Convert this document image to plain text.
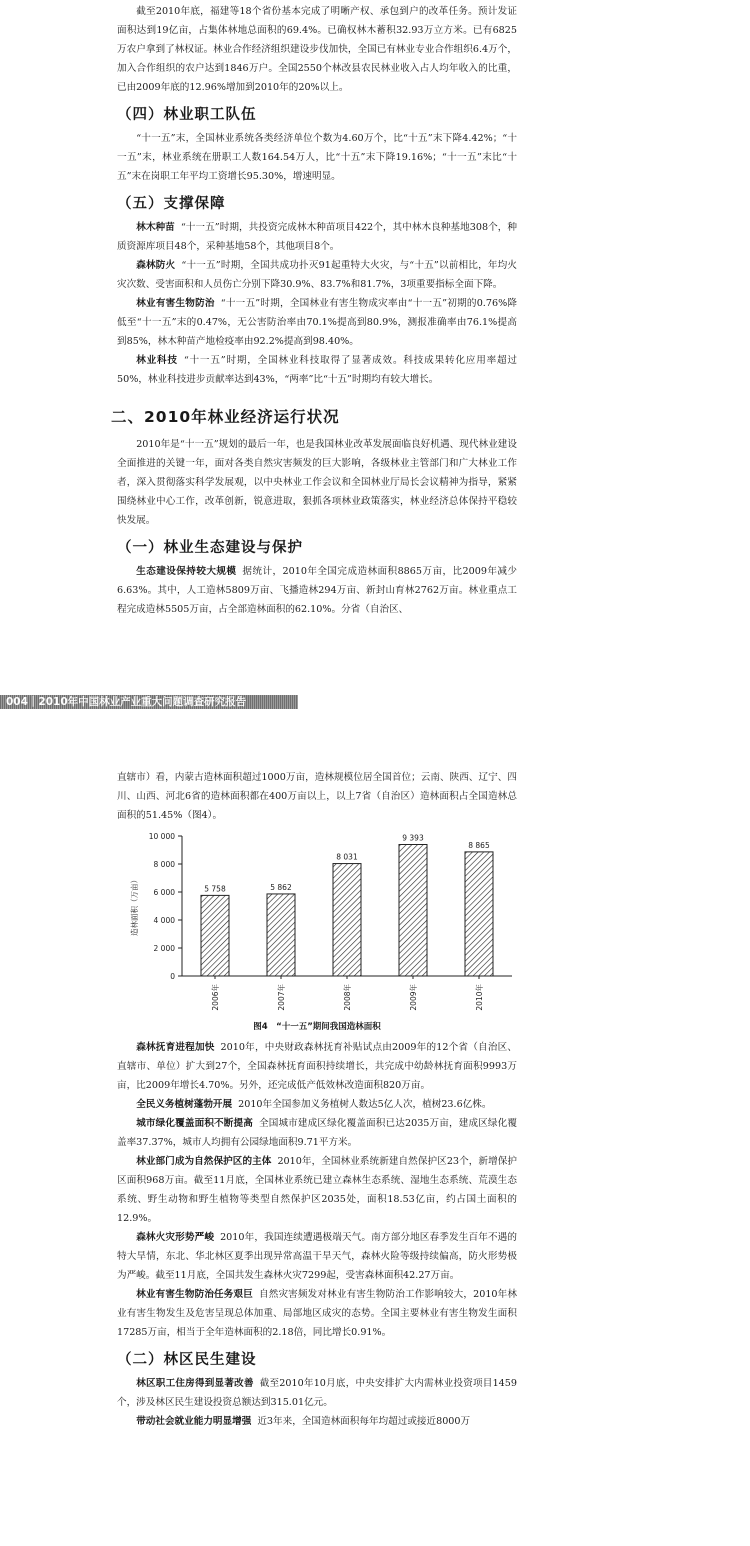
截至2010年底，福建等18个省份基本完成了明晰产权、承包到户的改革任务。预计发证面积达到19亿亩，占集体林地总面积的69.4%。已确权林木蓄积32.93万立方米。已有6825万农户拿到了林权证。林业合作经济组织建设步伐加快，全国已有林业专业合作组织6.4万个，加入合作组织的农户达到1846万户。全国2550个林改县农民林业收入占人均年收入的比重，已由2009年底的12.96%增加到2010年的20%以上。

（四）林业职工队伍

“十一五”末，全国林业系统各类经济单位个数为4.60万个，比“十五”末下降4.42%；“十一五”末，林业系统在册职工人数164.54万人，比“十五”末下降19.16%；“十一五”末比“十五”末在岗职工年平均工资增长95.30%，增速明显。

（五）支撑保障

林木种苗 “十一五”时期，共投资完成林木种苗项目422个，其中林木良种基地308个，种质资源库项目48个，采种基地58个，其他项目8个。

森林防火 “十一五”时期，全国共成功扑灭91起重特大火灾，与“十五”以前相比，年均火灾次数、受害面积和人员伤亡分别下降30.9%、83.7%和81.7%，3项重要指标全面下降。

林业有害生物防治 “十一五”时期，全国林业有害生物成灾率由“十一五”初期的0.76%降低至“十一五”末的0.47%，无公害防治率由70.1%提高到80.9%，测报准确率由76.1%提高到85%，林木种苗产地检疫率由92.2%提高到98.40%。

林业科技 “十一五”时期，全国林业科技取得了显著成效。科技成果转化应用率超过50%，林业科技进步贡献率达到43%，“两率”比“十五”时期均有较大增长。

二、2010年林业经济运行状况

2010年是“十一五”规划的最后一年，也是我国林业改革发展面临良好机遇、现代林业建设全面推进的关键一年，面对各类自然灾害频发的巨大影响，各级林业主管部门和广大林业工作者，深入贯彻落实科学发展观，以中央林业工作会议和全国林业厅局长会议精神为指导，紧紧围绕林业中心工作，改革创新，锐意进取，狠抓各项林业政策落实，林业经济总体保持平稳较快发展。

（一）林业生态建设与保护

生态建设保持较大规模 据统计，2010年全国完成造林面积8865万亩，比2009年减少6.63%。其中，人工造林5809万亩、飞播造林294万亩、新封山育林2762万亩。林业重点工程完成造林5505万亩，占全部造林面积的62.10%。分省（自治区、

004｜2010年中国林业产业重大问题调查研究报告

直辖市）看，内蒙古造林面积超过1000万亩，造林规模位居全国首位；云南、陕西、辽宁、四川、山西、河北6省的造林面积都在400万亩以上，以上7省（自治区）造林面积占全国造林总面积的51.45%（图4）。

0
2 000
4 000
6 000
8 000
10 000
造林面积（万亩）	5 758
2006年
5 862
2007年
8 031
2008年
9 393
2009年
8 865
2010年
图4　“十一五”期间我国造林面积

森林抚育进程加快 2010年，中央财政森林抚育补贴试点由2009年的12个省（自治区、直辖市、单位）扩大到27个，全国森林抚育面积持续增长，共完成中幼龄林抚育面积9993万亩，比2009年增长4.70%。另外，还完成低产低效林改造面积820万亩。

全民义务植树蓬勃开展 2010年全国参加义务植树人数达5亿人次，植树23.6亿株。

城市绿化覆盖面积不断提高 全国城市建成区绿化覆盖面积已达2035万亩，建成区绿化覆盖率37.37%，城市人均拥有公园绿地面积9.71平方米。

林业部门成为自然保护区的主体 2010年，全国林业系统新建自然保护区23个，新增保护区面积968万亩。截至11月底，全国林业系统已建立森林生态系统、湿地生态系统、荒漠生态系统、野生动物和野生植物等类型自然保护区2035处，面积18.53亿亩，约占国土面积的12.9%。

森林火灾形势严峻 2010年，我国连续遭遇极端天气。南方部分地区春季发生百年不遇的特大旱情，东北、华北林区夏季出现异常高温干旱天气，森林火险等级持续偏高，防火形势极为严峻。截至11月底，全国共发生森林火灾7299起，受害森林面积42.27万亩。

林业有害生物防治任务艰巨 自然灾害频发对林业有害生物防治工作影响较大，2010年林业有害生物发生及危害呈现总体加重、局部地区成灾的态势。全国主要林业有害生物发生面积17285万亩，相当于全年造林面积的2.18倍，同比增长0.91%。

（二）林区民生建设

林区职工住房得到显著改善 截至2010年10月底，中央安排扩大内需林业投资项目1459个，涉及林区民生建设投资总额达到315.01亿元。

带动社会就业能力明显增强 近3年来，全国造林面积每年均超过或接近8000万
